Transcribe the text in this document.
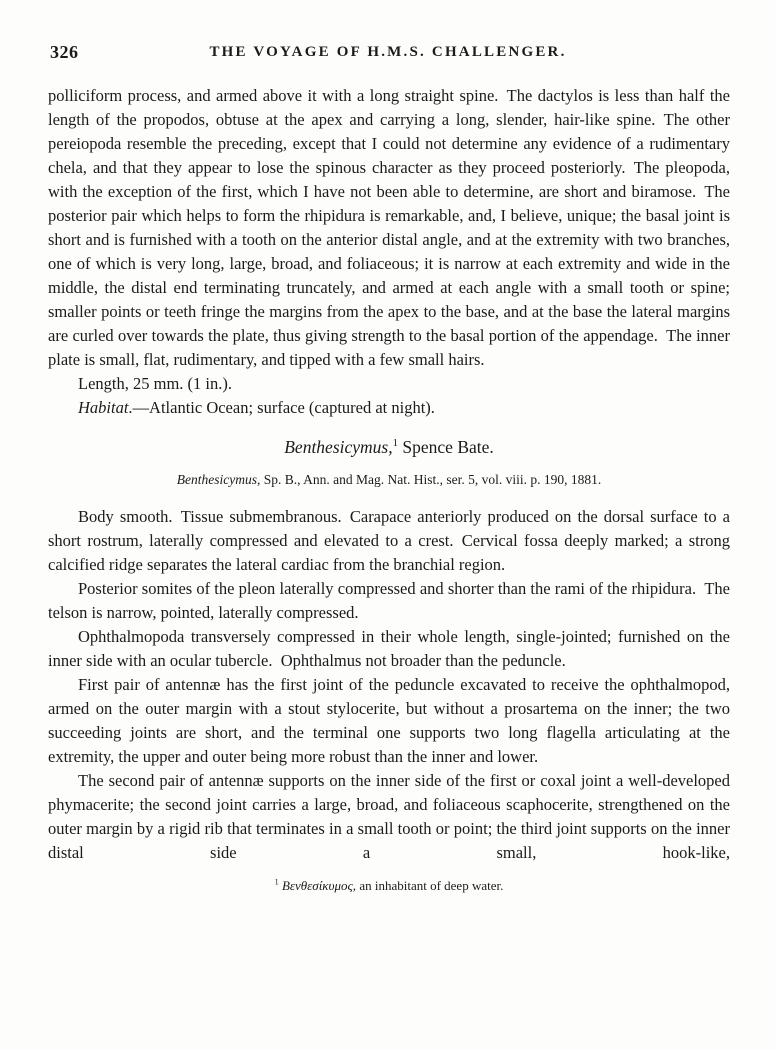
326	THE VOYAGE OF H.M.S. CHALLENGER.

polliciform process, and armed above it with a long straight spine. The dactylos is less than half the length of the propodos, obtuse at the apex and carrying a long, slender, hair-like spine. The other pereiopoda resemble the preceding, except that I could not determine any evidence of a rudimentary chela, and that they appear to lose the spinous character as they proceed posteriorly. The pleopoda, with the exception of the first, which I have not been able to determine, are short and biramose. The posterior pair which helps to form the rhipidura is remarkable, and, I believe, unique; the basal joint is short and is furnished with a tooth on the anterior distal angle, and at the extremity with two branches, one of which is very long, large, broad, and foliaceous; it is narrow at each extremity and wide in the middle, the distal end terminating truncately, and armed at each angle with a small tooth or spine; smaller points or teeth fringe the margins from the apex to the base, and at the base the lateral margins are curled over towards the plate, thus giving strength to the basal portion of the appendage. The inner plate is small, flat, rudimentary, and tipped with a few small hairs.

Length, 25 mm. (1 in.).

Habitat.—Atlantic Ocean; surface (captured at night).

Benthesicymus,$^1$ Spence Bate.

Benthesicymus, Sp. B., Ann. and Mag. Nat. Hist., ser. 5, vol. viii. p. 190, 1881.

Body smooth. Tissue submembranous. Carapace anteriorly produced on the dorsal surface to a short rostrum, laterally compressed and elevated to a crest. Cervical fossa deeply marked; a strong calcified ridge separates the lateral cardiac from the branchial region.

Posterior somites of the pleon laterally compressed and shorter than the rami of the rhipidura. The telson is narrow, pointed, laterally compressed.

Ophthalmopoda transversely compressed in their whole length, single-jointed; furnished on the inner side with an ocular tubercle. Ophthalmus not broader than the peduncle.

First pair of antennæ has the first joint of the peduncle excavated to receive the ophthalmopod, armed on the outer margin with a stout stylocerite, but without a prosartema on the inner; the two succeeding joints are short, and the terminal one supports two long flagella articulating at the extremity, the upper and outer being more robust than the inner and lower.

The second pair of antennæ supports on the inner side of the first or coxal joint a well-developed phymacerite; the second joint carries a large, broad, and foliaceous scaphocerite, strengthened on the outer margin by a rigid rib that terminates in a small tooth or point; the third joint supports on the inner distal side a small, hook-like,

$^1$ Βενθεσίκυμος, an inhabitant of deep water.
